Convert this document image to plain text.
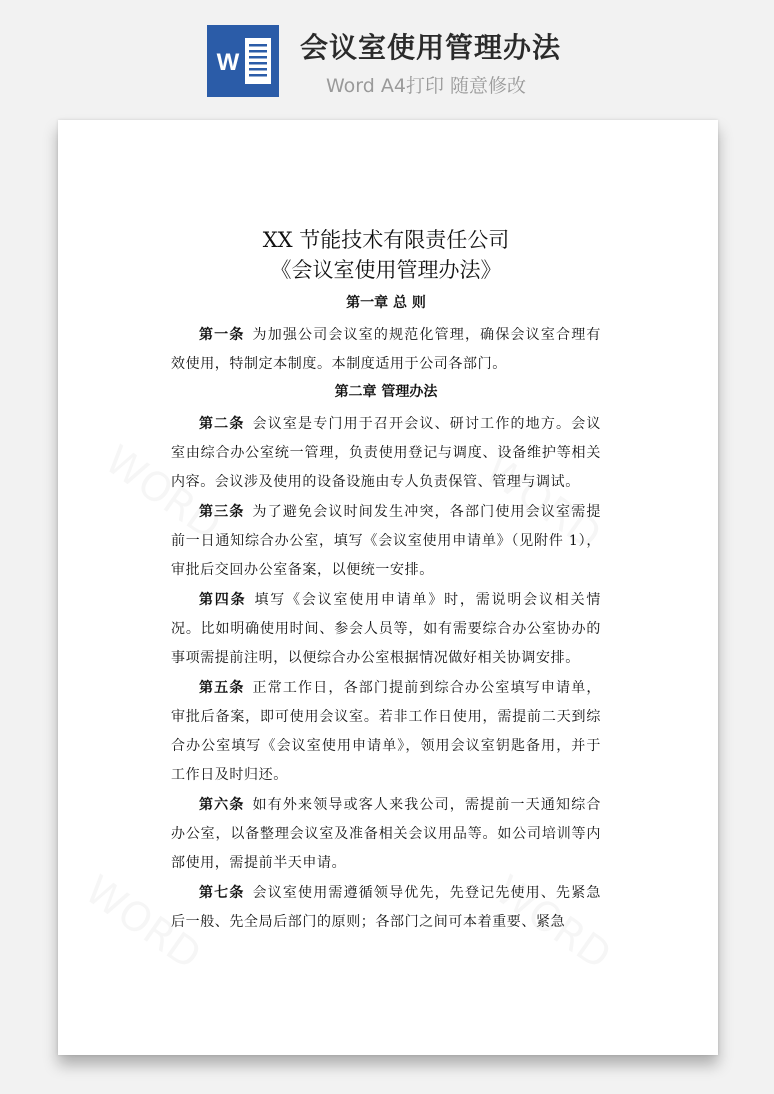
W 会议室使用管理办法
Word A4打印 随意修改

XX 节能技术有限责任公司

《会议室使用管理办法》

第一章 总 则

第一条 为加强公司会议室的规范化管理，确保会议室合理有效使用，特制定本制度。本制度适用于公司各部门。

第二章 管理办法

第二条 会议室是专门用于召开会议、研讨工作的地方。会议室由综合办公室统一管理，负责使用登记与调度、设备维护等相关内容。会议涉及使用的设备设施由专人负责保管、管理与调试。

第三条 为了避免会议时间发生冲突，各部门使用会议室需提前一日通知综合办公室，填写《会议室使用申请单》（见附件 1），审批后交回办公室备案，以便统一安排。

第四条 填写《会议室使用申请单》时，需说明会议相关情况。比如明确使用时间、参会人员等，如有需要综合办公室协办的事项需提前注明，以便综合办公室根据情况做好相关协调安排。

第五条 正常工作日，各部门提前到综合办公室填写申请单，审批后备案，即可使用会议室。若非工作日使用，需提前二天到综合办公室填写《会议室使用申请单》，领用会议室钥匙备用，并于工作日及时归还。

第六条 如有外来领导或客人来我公司，需提前一天通知综合办公室，以备整理会议室及准备相关会议用品等。如公司培训等内部使用，需提前半天申请。

第七条 会议室使用需遵循领导优先，先登记先使用、先紧急后一般、先全局后部门的原则；各部门之间可本着重要、紧急
